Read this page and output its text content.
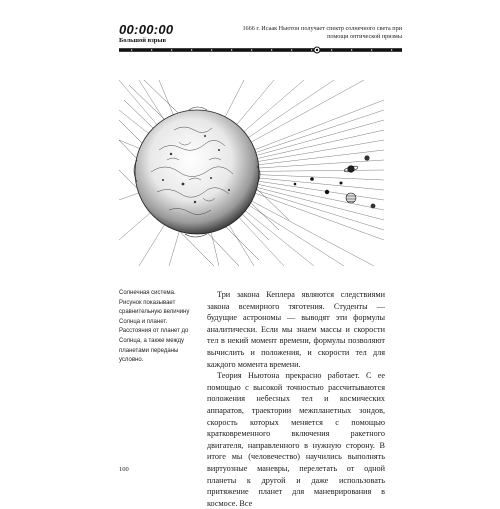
00:00:00
Большой взрыв
1666 г. Исаак Ньютон получает спектр солнечного света при помощи оптической призмы
Солнечная система. Рисунок показывает сравнительную величину Солнца и планет. Расстояния от планет до Солнца, а также между планетами переданы условно.

Три закона Кеплера являются следствиями закона всемирного тяготения. Студенты — будущие астрономы — выводят эти формулы аналитически. Если мы знаем массы и скорости тел в некий момент времени, формулы позволяют вычислить и положения, и скорости тел для каждого момента времени.

Теория Ньютона прекрасно работает. С ее помощью с высокой точностью рассчитываются положения небесных тел и космических аппаратов, траектории межпланетных зондов, скорость которых меняется с помощью кратковременного включения ракетного двигателя, направленного в нужную сторону. В итоге мы (человечество) научились выполнять виртуозные маневры, перелетать от одной планеты к другой и даже использовать притяжение планет для маневрирования в космосе. Все

100
